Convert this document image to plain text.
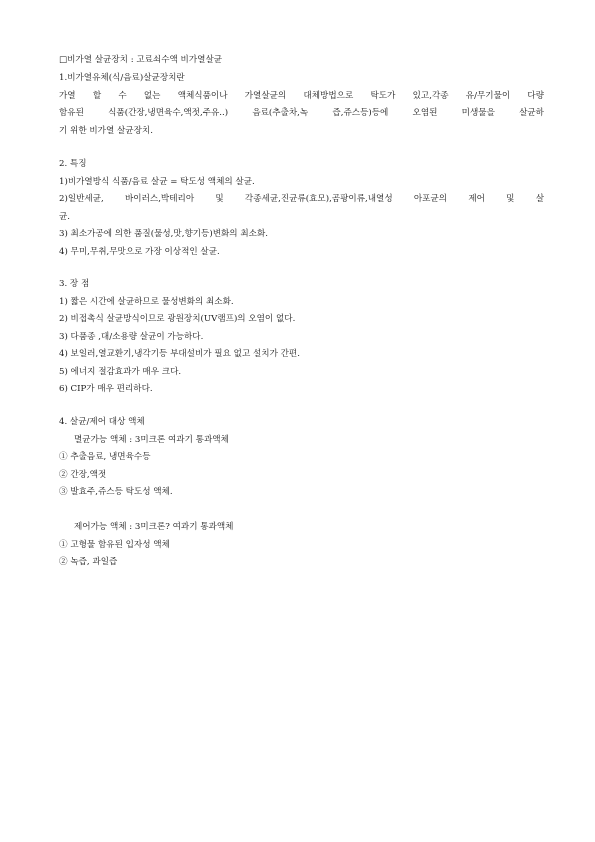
□비가열 살균장치 : 고료쇠수액 비가열살균
1.비가열유체(식/음료)살균장치란
가열 할 수 없는 액체식품이나 가열살균의 대체방법으로 탁도가 있고,각종 유/무기물이 다량
함유된 식품(간장,냉면육수,액젓,주유..) 음료(추출차,녹 즙,쥬스등)등에 오염된 미생물을 살균하
기 위한 비가열 살균장치.
2. 특징
1)비가열방식 식품/음료 살균 = 탁도성 액체의 살균.
2)일반세균, 바이러스,박테리아 및 각종세균,진균류(효모),곰팡이류,내열성 아포균의 제어 및 살
균.
3) 최소가공에 의한 품질(물성,맛,향기등)변화의 최소화.
4) 무미,무취,무맛으로 가장 이상적인 살균.
3. 장 점
1) 짧은 시간에 살균하므로 물성변화의 최소화.
2) 비접촉식 살균방식이므로 광원장치(UV램프)의 오염이 없다.
3) 다품종 ,대/소용량 살균이 가능하다.
4) 보일러,열교환기,냉각기등 부대설비가 필요 없고 설치가 간편.
5) 에너지 절감효과가 매우 크다.
6) CIP가 매우 편리하다.
4. 살균/제어 대상 액체
멸균가능 액체 : 3미크론 여과기 통과액체
① 추출음료, 냉면육수등
② 간장,액젓
③ 발효주,쥬스등 탁도성 액체.
제어가능 액체 : 3미크론? 여과기 통과액체
① 고형물 함유된 입자성 액체
② 녹즙, 과일즙
